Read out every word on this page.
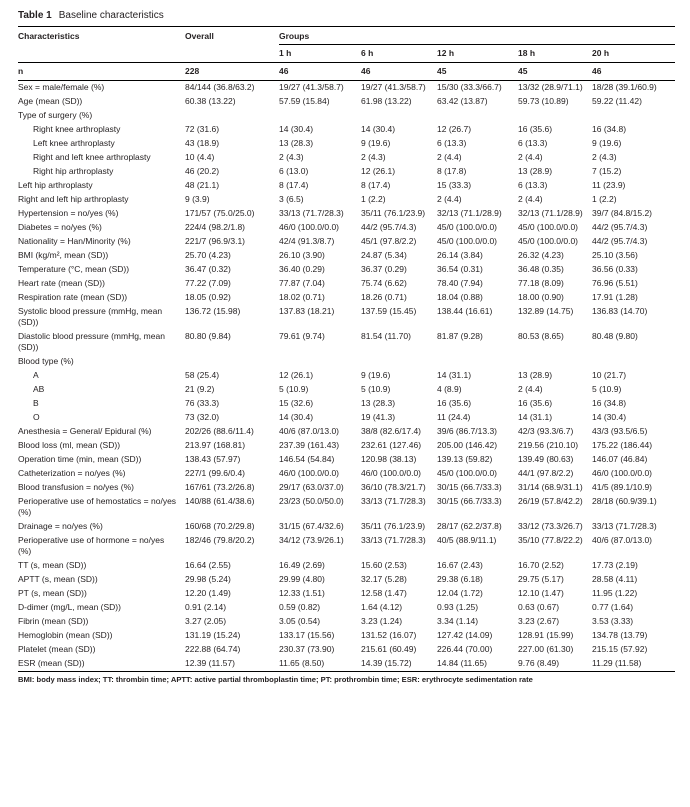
Table 1 Baseline characteristics
Characteristics	Overall	Groups				
		1 h	6 h	12 h	18 h	20 h
n	228	46	46	45	45	46
Sex = male/female (%)	84/144 (36.8/63.2)	19/27 (41.3/58.7)	19/27 (41.3/58.7)	15/30 (33.3/66.7)	13/32 (28.9/71.1)	18/28 (39.1/60.9)
Age (mean (SD))	60.38 (13.22)	57.59 (15.84)	61.98 (13.22)	63.42 (13.87)	59.73 (10.89)	59.22 (11.42)
Type of surgery (%)						
Right knee arthroplasty	72 (31.6)	14 (30.4)	14 (30.4)	12 (26.7)	16 (35.6)	16 (34.8)
Left knee arthroplasty	43 (18.9)	13 (28.3)	9 (19.6)	6 (13.3)	6 (13.3)	9 (19.6)
Right and left knee arthroplasty	10 (4.4)	2 (4.3)	2 (4.3)	2 (4.4)	2 (4.4)	2 (4.3)
Right hip arthroplasty	46 (20.2)	6 (13.0)	12 (26.1)	8 (17.8)	13 (28.9)	7 (15.2)
Left hip arthroplasty	48 (21.1)	8 (17.4)	8 (17.4)	15 (33.3)	6 (13.3)	11 (23.9)
Right and left hip arthroplasty	9 (3.9)	3 (6.5)	1 (2.2)	2 (4.4)	2 (4.4)	1 (2.2)
Hypertension = no/yes (%)	171/57 (75.0/25.0)	33/13 (71.7/28.3)	35/11 (76.1/23.9)	32/13 (71.1/28.9)	32/13 (71.1/28.9)	39/7 (84.8/15.2)
Diabetes = no/yes (%)	224/4 (98.2/1.8)	46/0 (100.0/0.0)	44/2 (95.7/4.3)	45/0 (100.0/0.0)	45/0 (100.0/0.0)	44/2 (95.7/4.3)
Nationality = Han/Minority (%)	221/7 (96.9/3.1)	42/4 (91.3/8.7)	45/1 (97.8/2.2)	45/0 (100.0/0.0)	45/0 (100.0/0.0)	44/2 (95.7/4.3)
BMI (kg/m², mean (SD))	25.70 (4.23)	26.10 (3.90)	24.87 (5.34)	26.14 (3.84)	26.32 (4.23)	25.10 (3.56)
Temperature (°C, mean (SD))	36.47 (0.32)	36.40 (0.29)	36.37 (0.29)	36.54 (0.31)	36.48 (0.35)	36.56 (0.33)
Heart rate (mean (SD))	77.22 (7.09)	77.87 (7.04)	75.74 (6.62)	78.40 (7.94)	77.18 (8.09)	76.96 (5.51)
Respiration rate (mean (SD))	18.05 (0.92)	18.02 (0.71)	18.26 (0.71)	18.04 (0.88)	18.00 (0.90)	17.91 (1.28)
Systolic blood pressure (mmHg, mean (SD))	136.72 (15.98)	137.83 (18.21)	137.59 (15.45)	138.44 (16.61)	132.89 (14.75)	136.83 (14.70)
Diastolic blood pressure (mmHg, mean (SD))	80.80 (9.84)	79.61 (9.74)	81.54 (11.70)	81.87 (9.28)	80.53 (8.65)	80.48 (9.80)
Blood type (%)						
A	58 (25.4)	12 (26.1)	9 (19.6)	14 (31.1)	13 (28.9)	10 (21.7)
AB	21 (9.2)	5 (10.9)	5 (10.9)	4 (8.9)	2 (4.4)	5 (10.9)
B	76 (33.3)	15 (32.6)	13 (28.3)	16 (35.6)	16 (35.6)	16 (34.8)
O	73 (32.0)	14 (30.4)	19 (41.3)	11 (24.4)	14 (31.1)	14 (30.4)
Anesthesia = General/ Epidural (%)	202/26 (88.6/11.4)	40/6 (87.0/13.0)	38/8 (82.6/17.4)	39/6 (86.7/13.3)	42/3 (93.3/6.7)	43/3 (93.5/6.5)
Blood loss (ml, mean (SD))	213.97 (168.81)	237.39 (161.43)	232.61 (127.46)	205.00 (146.42)	219.56 (210.10)	175.22 (186.44)
Operation time (min, mean (SD))	138.43 (57.97)	146.54 (54.84)	120.98 (38.13)	139.13 (59.82)	139.49 (80.63)	146.07 (46.84)
Catheterization = no/yes (%)	227/1 (99.6/0.4)	46/0 (100.0/0.0)	46/0 (100.0/0.0)	45/0 (100.0/0.0)	44/1 (97.8/2.2)	46/0 (100.0/0.0)
Blood transfusion = no/yes (%)	167/61 (73.2/26.8)	29/17 (63.0/37.0)	36/10 (78.3/21.7)	30/15 (66.7/33.3)	31/14 (68.9/31.1)	41/5 (89.1/10.9)
Perioperative use of hemostatics = no/yes (%)	140/88 (61.4/38.6)	23/23 (50.0/50.0)	33/13 (71.7/28.3)	30/15 (66.7/33.3)	26/19 (57.8/42.2)	28/18 (60.9/39.1)
Drainage = no/yes (%)	160/68 (70.2/29.8)	31/15 (67.4/32.6)	35/11 (76.1/23.9)	28/17 (62.2/37.8)	33/12 (73.3/26.7)	33/13 (71.7/28.3)
Perioperative use of hormone = no/yes (%)	182/46 (79.8/20.2)	34/12 (73.9/26.1)	33/13 (71.7/28.3)	40/5 (88.9/11.1)	35/10 (77.8/22.2)	40/6 (87.0/13.0)
TT (s, mean (SD))	16.64 (2.55)	16.49 (2.69)	15.60 (2.53)	16.67 (2.43)	16.70 (2.52)	17.73 (2.19)
APTT (s, mean (SD))	29.98 (5.24)	29.99 (4.80)	32.17 (5.28)	29.38 (6.18)	29.75 (5.17)	28.58 (4.11)
PT (s, mean (SD))	12.20 (1.49)	12.33 (1.51)	12.58 (1.47)	12.04 (1.72)	12.10 (1.47)	11.95 (1.22)
D-dimer (mg/L, mean (SD))	0.91 (2.14)	0.59 (0.82)	1.64 (4.12)	0.93 (1.25)	0.63 (0.67)	0.77 (1.64)
Fibrin (mean (SD))	3.27 (2.05)	3.05 (0.54)	3.23 (1.24)	3.34 (1.14)	3.23 (2.67)	3.53 (3.33)
Hemoglobin (mean (SD))	131.19 (15.24)	133.17 (15.56)	131.52 (16.07)	127.42 (14.09)	128.91 (15.99)	134.78 (13.79)
Platelet (mean (SD))	222.88 (64.74)	230.37 (73.90)	215.61 (60.49)	226.44 (70.00)	227.00 (61.30)	215.15 (57.92)
ESR (mean (SD))	12.39 (11.57)	11.65 (8.50)	14.39 (15.72)	14.84 (11.65)	9.76 (8.49)	11.29 (11.58)
BMI: body mass index; TT: thrombin time; APTT: active partial thromboplastin time; PT: prothrombin time; ESR: erythrocyte sedimentation rate
